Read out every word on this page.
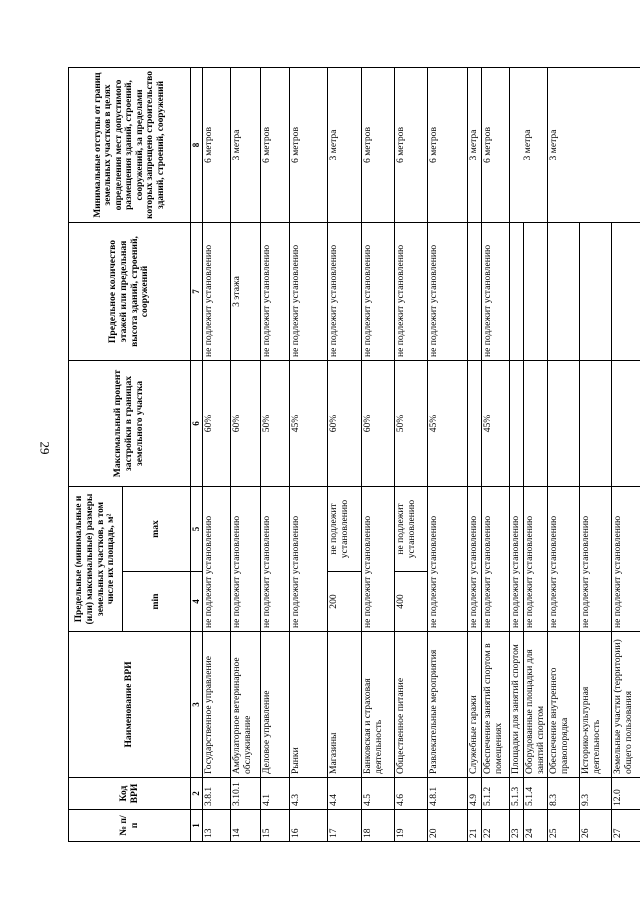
29
№ п/п	Код ВРИ	Наименование ВРИ	Предельные (минимальные и (или) максимальные) размеры земельных участков, в том числе их площадь, м²		Максимальный процент застройки в границах земельного участка	Предельное количество этажей или предельная высота зданий, строений, сооружений	Минимальные отступы от границ земельных участков в целях определения мест допустимого размещения зданий, строений, сооружений, за пределами которых запрещено строительство зданий, строений, сооружений
			min	max			
1	2	3	4	5	6	7	8
13	3.8.1	Государственное управление	не подлежит установлению		60%	не подлежит установлению	6 метров
14	3.10.1	Амбулаторное ветеринарное обслуживание	не подлежит установлению		60%	3 этажа	3 метра
15	4.1	Деловое управление	не подлежит установлению		50%	не подлежит установлению	6 метров
16	4.3	Рынки	не подлежит установлению		45%	не подлежит установлению	6 метров
17	4.4	Магазины	200	не подлежит установлению	60%	не подлежит установлению	3 метра
18	4.5	Банковская и страховая деятельность	не подлежит установлению		60%	не подлежит установлению	6 метров
19	4.6	Общественное питание	400	не подлежит установлению	50%	не подлежит установлению	6 метров
20	4.8.1	Развлекательные мероприятия	не подлежит установлению		45%	не подлежит установлению	6 метров
21	4.9	Служебные гаражи	не подлежит установлению				3 метра
22	5.1.2	Обеспечение занятий спортом в помещениях	не подлежит установлению		45%	не подлежит установлению	6 метров
23	5.1.3	Площадки для занятий спортом	не подлежит установлению				3 метра
24	5.1.4	Оборудованные площадки для занятий спортом	не подлежит установлению				
25	8.3	Обеспечение внутреннего правопорядка	не подлежит установлению				3 метра
26	9.3	Историко-культурная деятельность	не подлежит установлению				
27	12.0	Земельные участки (территории) общего пользования	не подлежит установлению				
